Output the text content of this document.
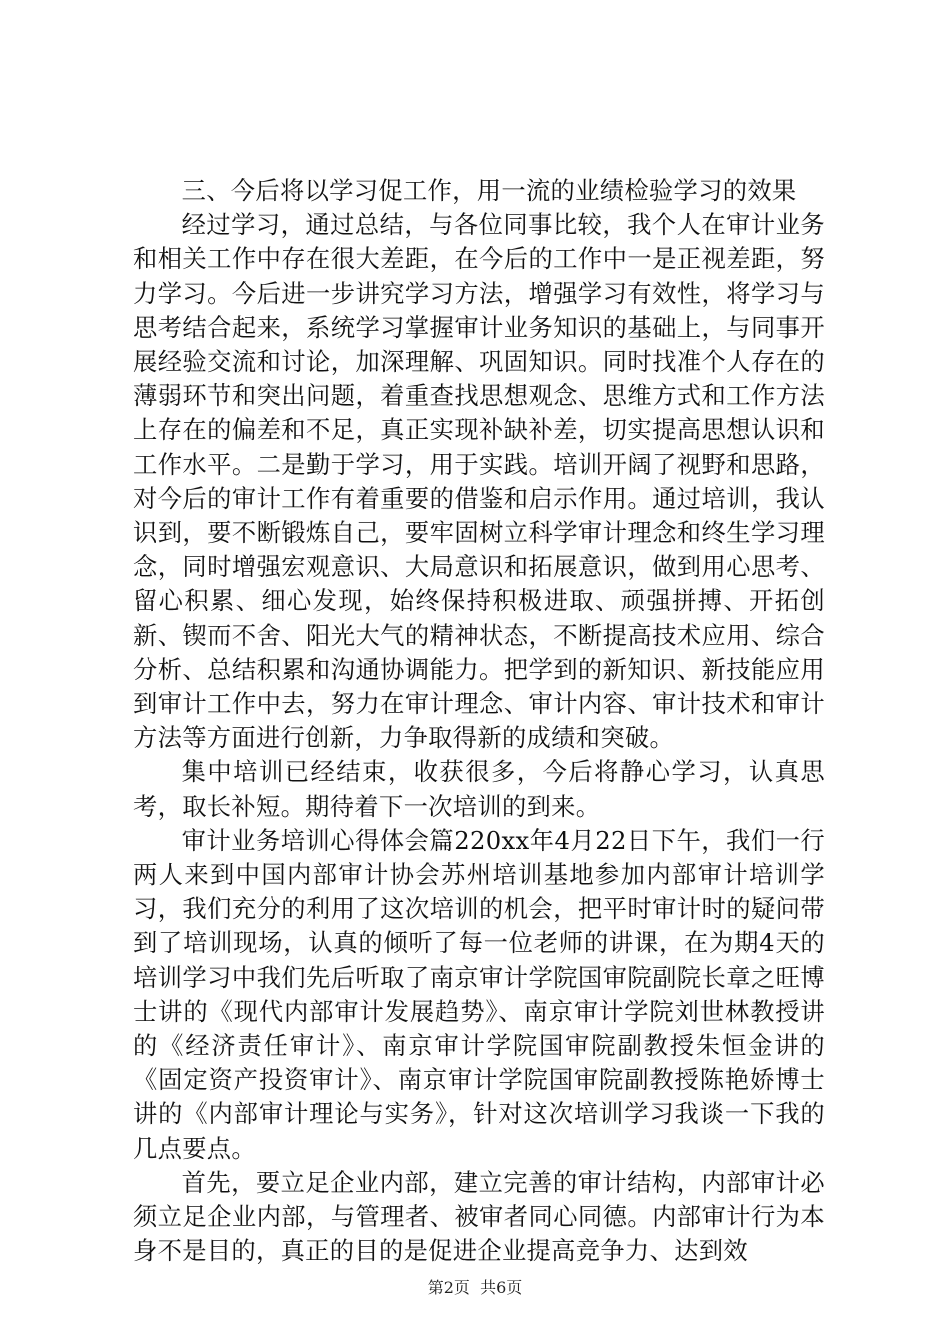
三、今后将以学习促工作，用一流的业绩检验学习的效果

经过学习，通过总结，与各位同事比较，我个人在审计业务和相关工作中存在很大差距，在今后的工作中一是正视差距，努力学习。今后进一步讲究学习方法，增强学习有效性，将学习与思考结合起来，系统学习掌握审计业务知识的基础上，与同事开展经验交流和讨论，加深理解、巩固知识。同时找准个人存在的薄弱环节和突出问题，着重查找思想观念、思维方式和工作方法上存在的偏差和不足，真正实现补缺补差，切实提高思想认识和工作水平。二是勤于学习，用于实践。培训开阔了视野和思路，对今后的审计工作有着重要的借鉴和启示作用。通过培训，我认识到，要不断锻炼自己，要牢固树立科学审计理念和终生学习理念，同时增强宏观意识、大局意识和拓展意识，做到用心思考、留心积累、细心发现，始终保持积极进取、顽强拼搏、开拓创新、锲而不舍、阳光大气的精神状态，不断提高技术应用、综合分析、总结积累和沟通协调能力。把学到的新知识、新技能应用到审计工作中去，努力在审计理念、审计内容、审计技术和审计方法等方面进行创新，力争取得新的成绩和突破。

集中培训已经结束，收获很多，今后将静心学习，认真思考，取长补短。期待着下一次培训的到来。

审计业务培训心得体会篇220xx年4月22日下午，我们一行两人来到中国内部审计协会苏州培训基地参加内部审计培训学习，我们充分的利用了这次培训的机会，把平时审计时的疑问带到了培训现场，认真的倾听了每一位老师的讲课，在为期4天的培训学习中我们先后听取了南京审计学院国审院副院长章之旺博士讲的《现代内部审计发展趋势》、南京审计学院刘世林教授讲的《经济责任审计》、南京审计学院国审院副教授朱恒金讲的《固定资产投资审计》、南京审计学院国审院副教授陈艳娇博士讲的《内部审计理论与实务》，针对这次培训学习我谈一下我的几点要点。

首先，要立足企业内部，建立完善的审计结构，内部审计必须立足企业内部，与管理者、被审者同心同德。内部审计行为本身不是目的，真正的目的是促进企业提高竞争力、达到效

第2页  共6页
